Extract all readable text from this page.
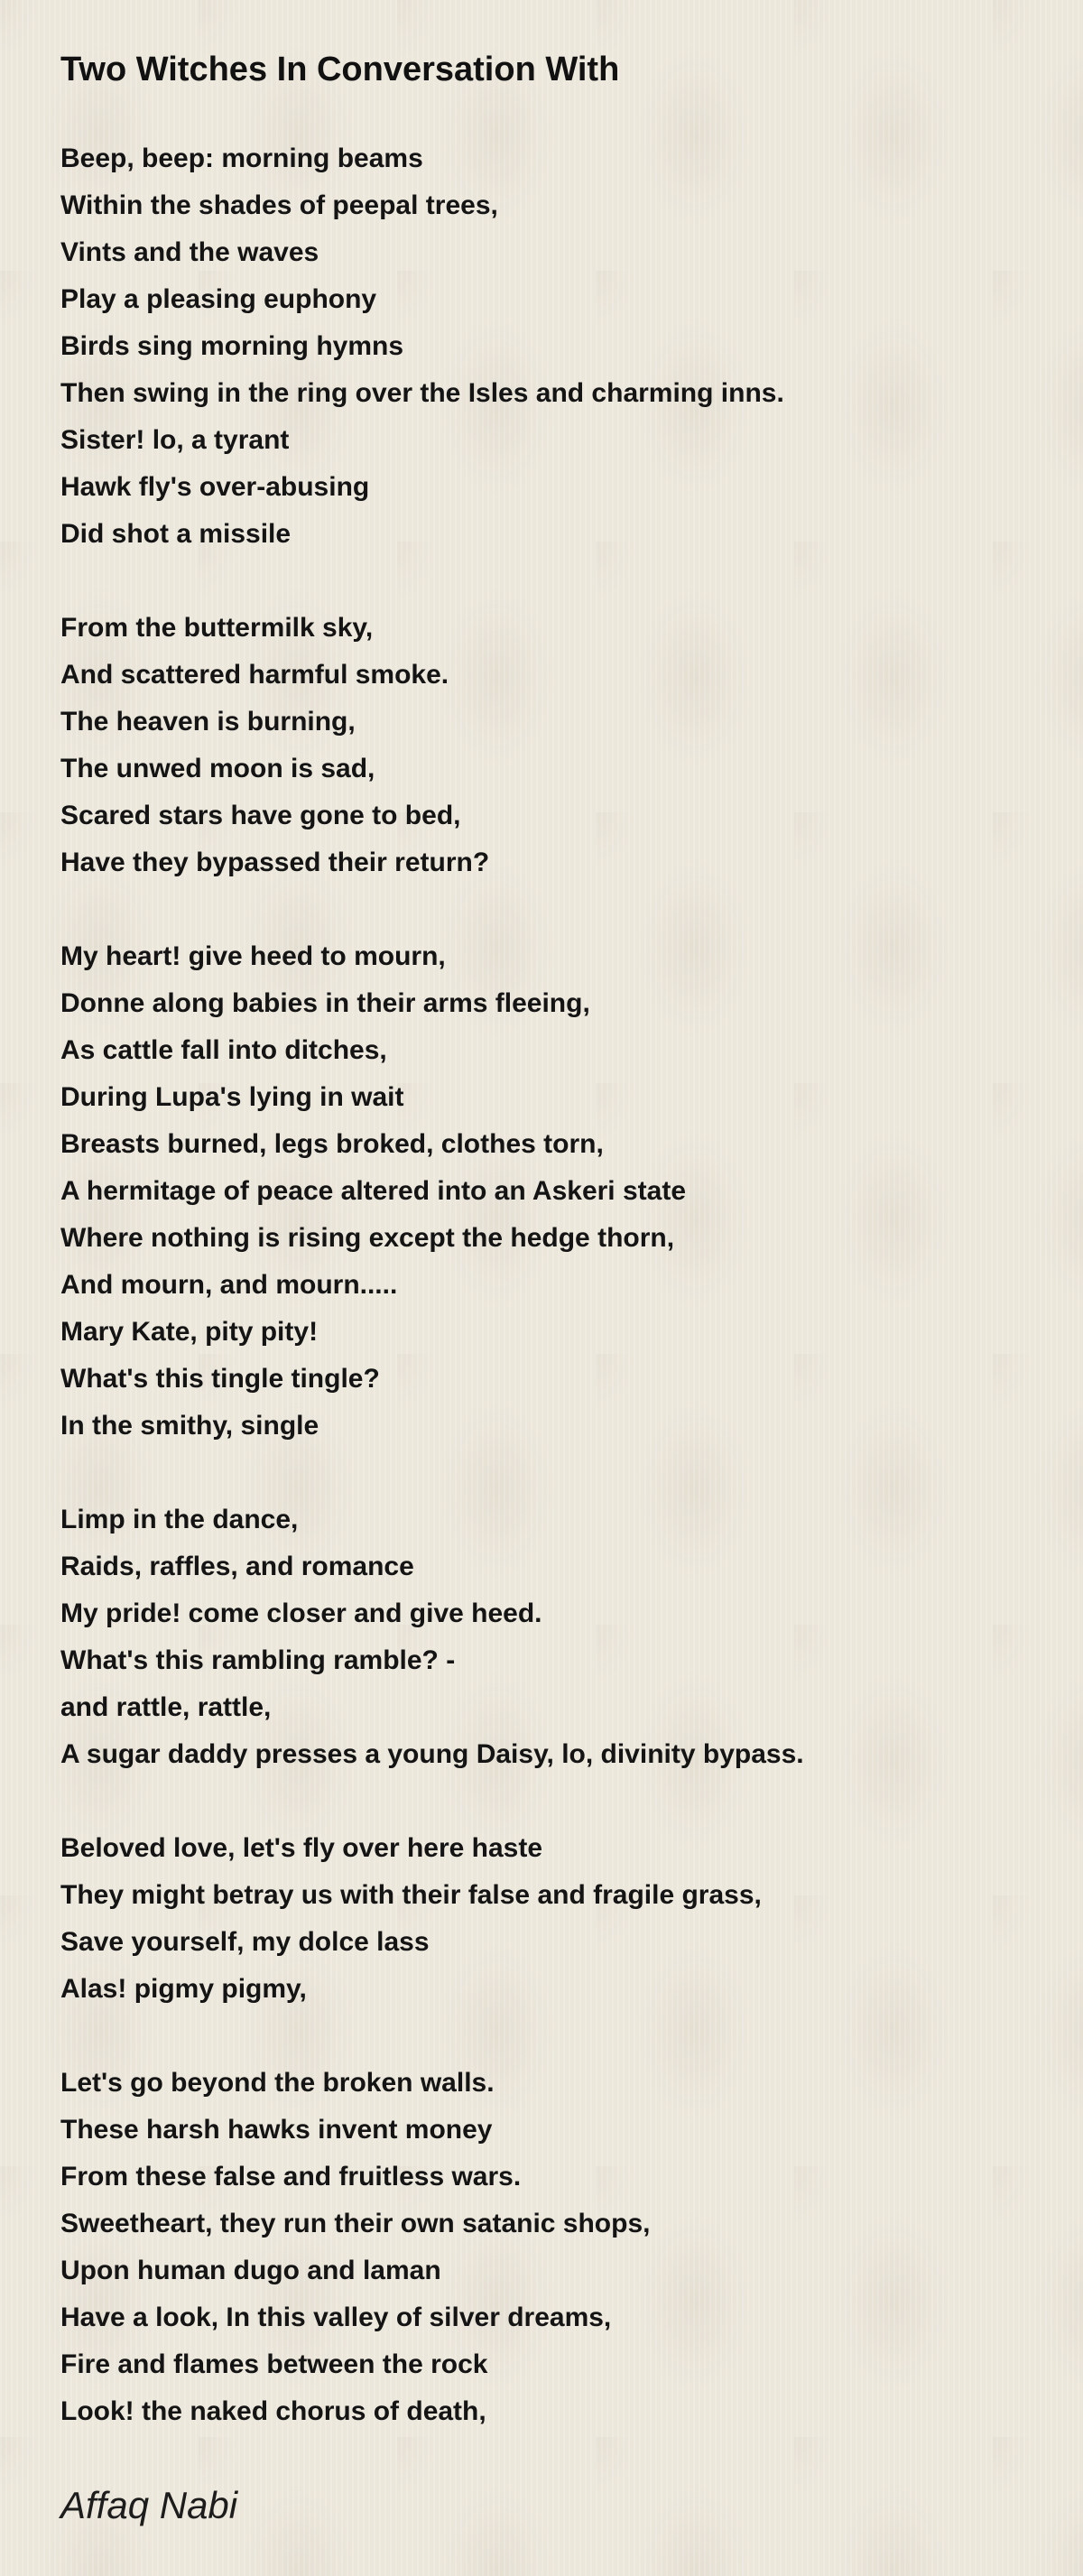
Two Witches In Conversation With
Beep, beep: morning beams
Within the shades of peepal trees,
Vints and the waves
Play a pleasing euphony
Birds sing morning hymns
Then swing in the ring over the Isles and charming inns.
Sister! lo, a tyrant
Hawk fly's over-abusing
Did shot a missile
From the buttermilk sky,
And scattered harmful smoke.
The heaven is burning,
The unwed moon is sad,
Scared stars have gone to bed,
Have they bypassed their return?
My heart! give heed to mourn,
Donne along babies in their arms fleeing,
As cattle fall into ditches,
During Lupa's lying in wait
Breasts burned, legs broked, clothes torn,
A hermitage of peace altered into an Askeri state
Where nothing is rising except the hedge thorn,
And mourn, and mourn.....
Mary Kate, pity pity!
What's this tingle tingle?
In the smithy, single
Limp in the dance,
Raids, raffles, and romance
My pride! come closer and give heed.
What's this rambling ramble? -
and rattle, rattle,
A sugar daddy presses a young Daisy, lo, divinity bypass.
Beloved love, let's fly over here haste
They might betray us with their false and fragile grass,
Save yourself, my dolce lass
Alas! pigmy pigmy,
Let's go beyond the broken walls.
These harsh hawks invent money
From these false and fruitless wars.
Sweetheart, they run their own satanic shops,
Upon human dugo and laman
Have a look, In this valley of silver dreams,
Fire and flames between the rock
Look! the naked chorus of death,
Affaq Nabi
